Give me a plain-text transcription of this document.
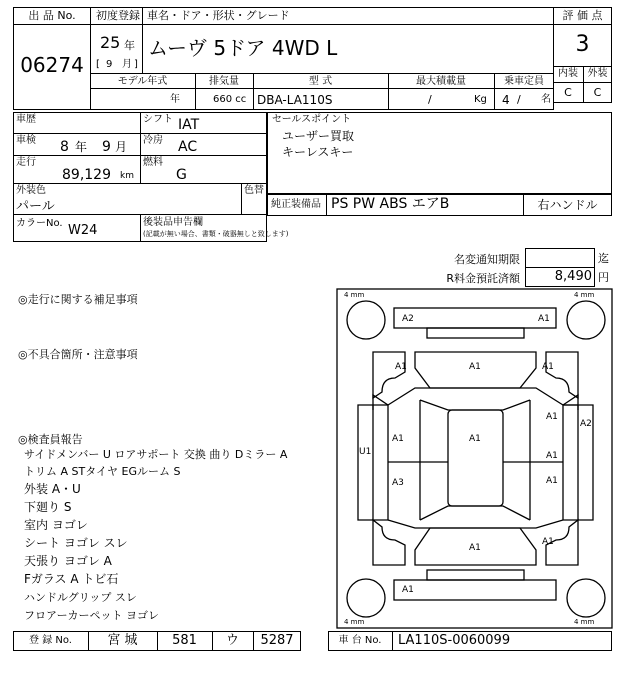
出 品 No.
06274
初度登録 車名・ドア・形状・グレード
25 年
[ 9 月 ]
ムーヴ 5ドア 4WD L
モデル年式	排気量	型 式	最大積載量	乗車定員
年	660 cc DBA-LA110S	/	Kg 4 / 名
評 価 点
3
内装 外装
C	C
車歴	シフト IAT
車検 8 年 9 月 冷房 AC
走行
89,129 km
燃料
G
外装色
パール
色替
カラーNo. W24
後装品申告欄
(記載が無い場合、書類・破器無しと致します)
セールスポイント
ユーザー買取
キーレスキー
純正装備品 PS PW ABS エアB	右ハンドル
名変通知期限	迄
R料金預託済額	8,490 円
◎走行に関する補足事項
◎不具合箇所・注意事項
◎検査員報告
サイドメンバー U ロアサポート 交換 曲り Dミラー A
トリム A STタイヤ EGルーム S
外装 A・U
下廻り S
室内 ヨゴレ
シート ヨゴレ スレ
天張り ヨゴレ A
Fガラス A トビ石
ハンドルグリップ スレ
フロアーカーペット ヨゴレ
4 mm	4 mm
4 mm	4 mm
A2	A1
A1	A1	A1
A1	A1
A1
A2
U1	A1
A1
A3
A1
A1
A1
登 録 No.	宮 城	581	ウ	5287	車 台 No.	LA110S-0060099
